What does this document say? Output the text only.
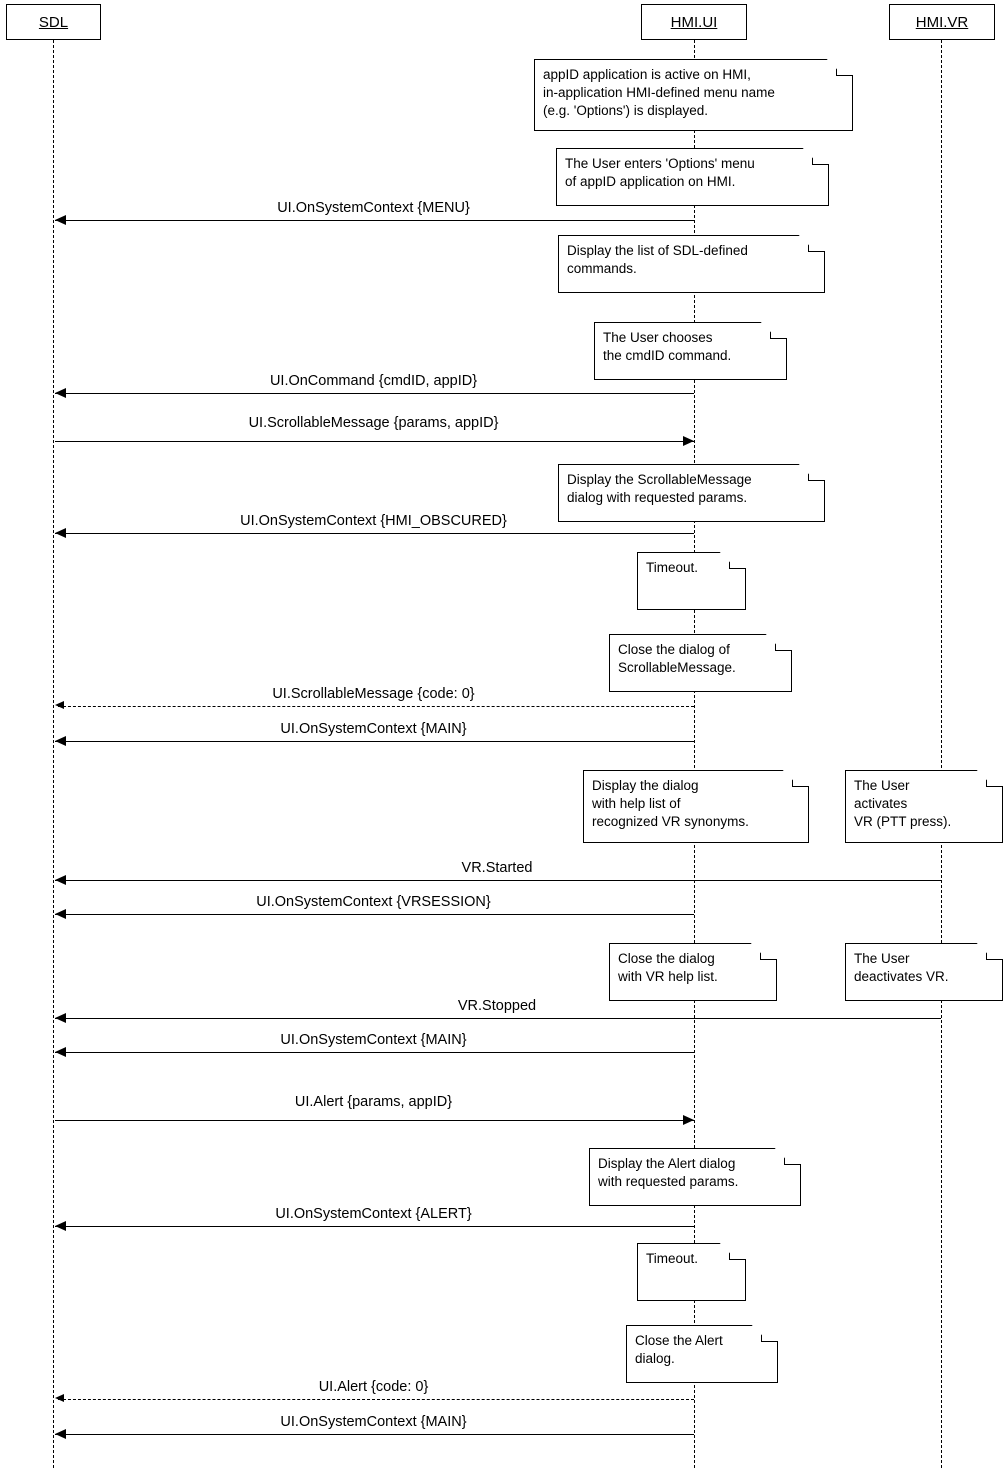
SDL	HMI.UI	HMI.VR
UI.OnSystemContext {MENU}
UI.OnCommand {cmdID, appID}
UI.ScrollableMessage {params, appID}
UI.OnSystemContext {HMI_OBSCURED}
UI.ScrollableMessage {code: 0}
UI.OnSystemContext {MAIN}
VR.Started
UI.OnSystemContext {VRSESSION}
VR.Stopped
UI.OnSystemContext {MAIN}
UI.Alert {params, appID}
UI.OnSystemContext {ALERT}
UI.Alert {code: 0}
UI.OnSystemContext {MAIN}
appID application is active on HMI,
in-application HMI-defined menu name
(e.g. 'Options') is displayed.
The User enters 'Options' menu
of appID application on HMI.
Display the list of SDL-defined
commands.
The User chooses
the cmdID command.
Display the ScrollableMessage
dialog with requested params.
Timeout.
Close the dialog of
ScrollableMessage.
Display the dialog
with help list of
recognized VR synonyms.
The User
activates
VR (PTT press).
Close the dialog
with VR help list.
The User
deactivates VR.
Display the Alert dialog
with requested params.
Timeout.
Close the Alert
dialog.
